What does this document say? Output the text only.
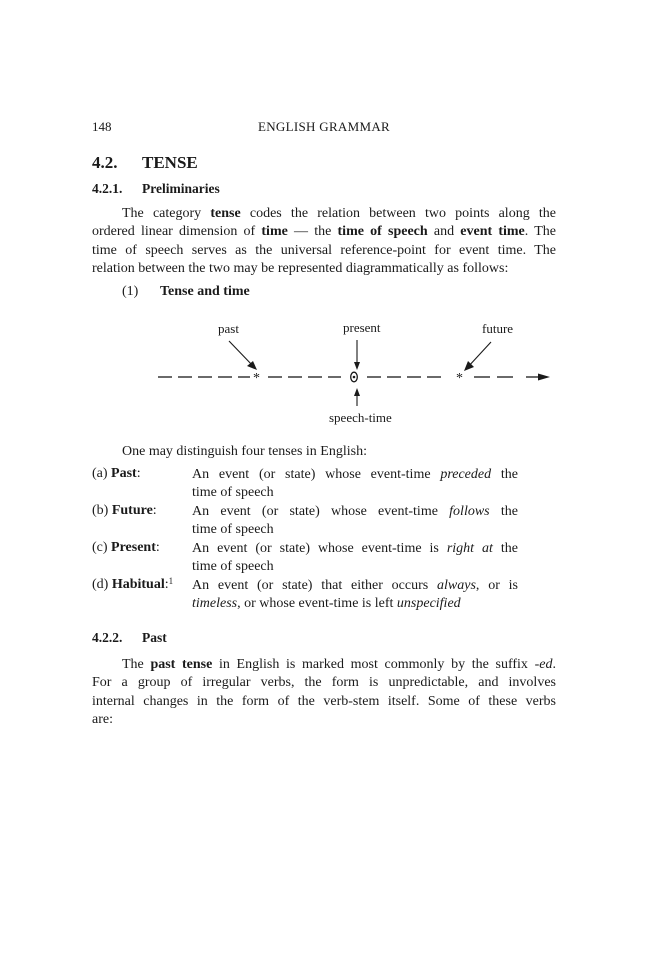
148	ENGLISH GRAMMAR
4.2. TENSE
4.2.1. Preliminaries
The category tense codes the relation between two points along the
ordered linear dimension of time — the time of speech and event time. The
time of speech serves as the universal reference-point for event time. The
relation between the two may be represented diagrammatically as follows:
(1) Tense and time
past	present	future
speech-time
*	*
One may distinguish four tenses in English:
(a) Past:	An event (or state) whose event-time preceded the
time of speech
(b) Future:	An event (or state) whose event-time follows the
time of speech
(c) Present: An event (or state) whose event-time is right at the
time of speech
(d) Habitual:$^1$ An event (or state) that either occurs always, or is
timeless, or whose event-time is left unspecified
4.2.2. Past
The past tense in English is marked most commonly by the suffix -ed.
For a group of irregular verbs, the form is unpredictable, and involves
internal changes in the form of the verb-stem itself. Some of these verbs
are:
